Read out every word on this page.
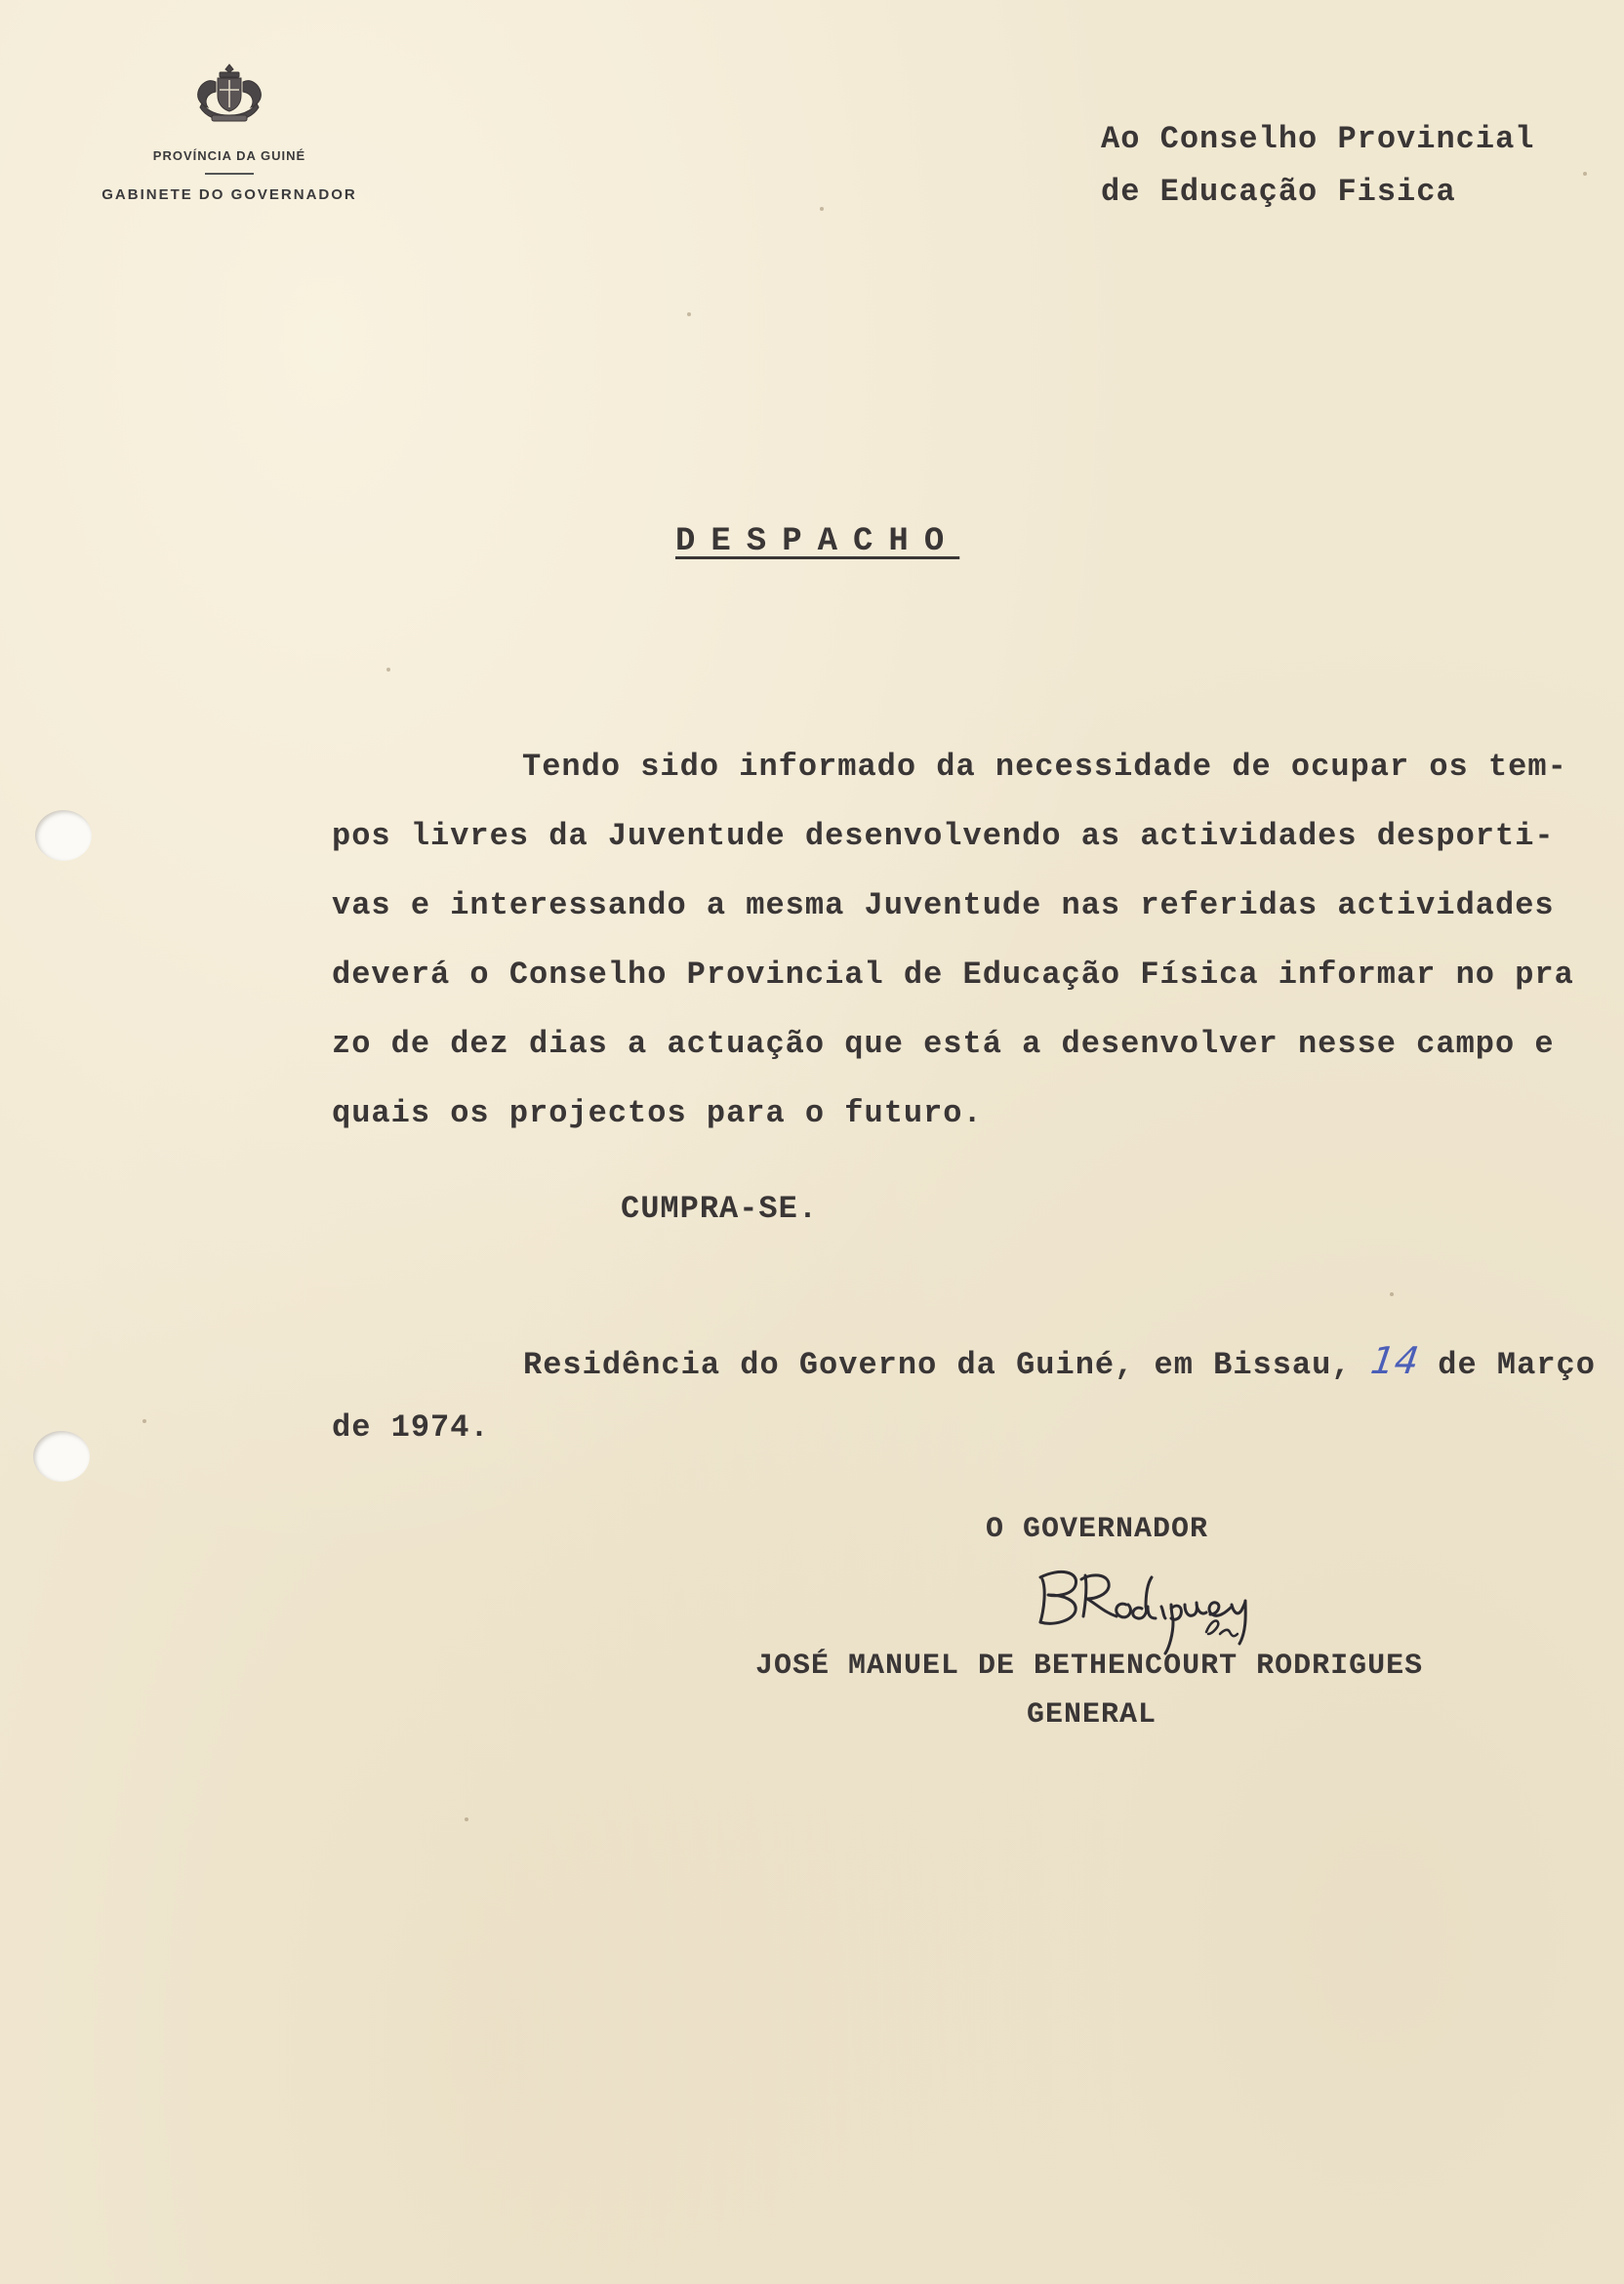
PROVÍNCIA DA GUINÉ
GABINETE DO GOVERNADOR
Ao Conselho Provincial
de Educação Fisica
DESPACHO
Tendo sido informado da necessidade de ocupar os tem-
pos livres da Juventude desenvolvendo as actividades desporti-
vas e interessando a mesma Juventude nas referidas actividades
deverá o Conselho Provincial de Educação Física informar no pra
zo de dez dias a actuação que está a desenvolver nesse campo e
quais os projectos para o futuro.
CUMPRA-SE.
Residência do Governo da Guiné, em Bissau, 14 de Março
de 1974.
O GOVERNADOR
JOSÉ MANUEL DE BETHENCOURT RODRIGUES
GENERAL
